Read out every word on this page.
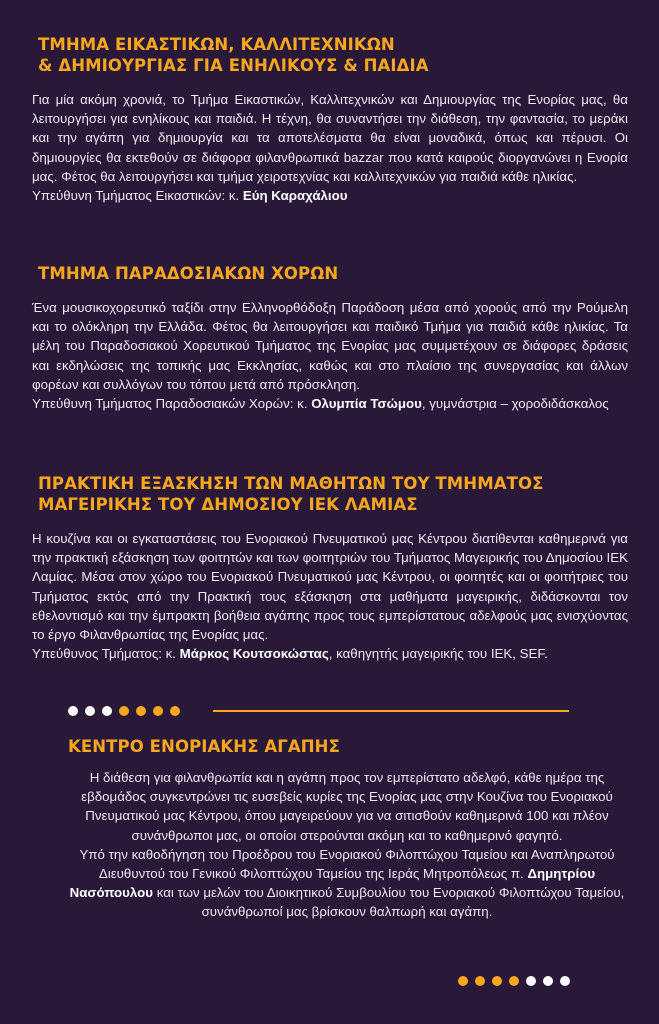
ΤΜΗΜΑ ΕΙΚΑΣΤΙΚΩΝ, ΚΑΛΛΙΤΕΧΝΙΚΩΝ
& ΔΗΜΙΟΥΡΓΙΑΣ ΓΙΑ ΕΝΗΛΙΚΟΥΣ & ΠΑΙΔΙΑ

Για μία ακόμη χρονιά, το Τμήμα Εικαστικών, Καλλιτεχνικών και Δημιουργίας της Ενορίας μας, θα λειτουργήσει για ενηλίκους και παιδιά. Η τέχνη, θα συναντήσει την διάθεση, την φαντασία, το μεράκι και την αγάπη για δημιουργία και τα αποτελέσματα θα είναι μοναδικά, όπως και πέρυσι. Οι δημιουργίες θα εκτεθούν σε διάφορα φιλανθρωπικά bazzar που κατά καιρούς διοργανώνει η Ενορία μας. Φέτος θα λειτουργήσει και τμήμα χειροτεχνίας και καλλιτεχνικών για παιδιά κάθε ηλικίας.

Υπεύθυνη Τμήματος Εικαστικών: κ. Εύη Καραχάλιου

ΤΜΗΜΑ ΠΑΡΑΔΟΣΙΑΚΩΝ ΧΟΡΩΝ

Ένα μουσικοχορευτικό ταξίδι στην Ελληνορθόδοξη Παράδοση μέσα από χορούς από την Ρούμελη και το ολόκληρη την Ελλάδα. Φέτος θα λειτουργήσει και παιδικό Τμήμα για παιδιά κάθε ηλικίας. Τα μέλη του Παραδοσιακού Χορευτικού Τμήματος της Ενορίας μας συμμετέχουν σε διάφορες δράσεις και εκδηλώσεις της τοπικής μας Εκκλησίας, καθώς και στο πλαίσιο της συνεργασίας και άλλων φορέων και συλλόγων του τόπου μετά από πρόσκληση.

Υπεύθυνη Τμήματος Παραδοσιακών Χορών: κ. Ολυμπία Τσώμου, γυμνάστρια – χοροδιδάσκαλος

ΠΡΑΚΤΙΚΗ ΕΞΑΣΚΗΣΗ ΤΩΝ ΜΑΘΗΤΩΝ ΤΟΥ ΤΜΗΜΑΤΟΣ
ΜΑΓΕΙΡΙΚΗΣ ΤΟΥ ΔΗΜΟΣΙΟΥ ΙΕΚ ΛΑΜΙΑΣ

Η κουζίνα και οι εγκαταστάσεις του Ενοριακού Πνευματικού μας Κέντρου διατίθενται καθημερινά για την πρακτική εξάσκηση των φοιτητών και των φοιτητριών του Τμήματος Μαγειρικής του Δημοσίου ΙΕΚ Λαμίας. Μέσα στον χώρο του Ενοριακού Πνευματικού μας Κέντρου, οι φοιτητές και οι φοιτήτριες του Τμήματος εκτός από την Πρακτική τους εξάσκηση στα μαθήματα μαγειρικής, διδάσκονται τον εθελοντισμό και την έμπρακτη βοήθεια αγάπης προς τους εμπερίστατους αδελφούς μας ενισχύοντας το έργο Φιλανθρωπίας της Ενορίας μας.

Υπεύθυνος Τμήματος: κ. Μάρκος Κουτσοκώστας, καθηγητής μαγειρικής του ΙΕΚ, SEF.

ΚΕΝΤΡΟ ΕΝΟΡΙΑΚΗΣ ΑΓΑΠΗΣ

Η διάθεση για φιλανθρωπία και η αγάπη προς τον εμπερίστατο αδελφό, κάθε ημέρα της εβδομάδος συγκεντρώνει τις ευσεβείς κυρίες της Ενορίας μας στην Κουζίνα του Ενοριακού Πνευματικού μας Κέντρου, όπου μαγειρεύουν για να σιτισθούν καθημερινά 100 και πλέον συνάνθρωποι μας, οι οποίοι στερούνται ακόμη και το καθημερινό φαγητό.

Υπό την καθοδήγηση του Προέδρου του Ενοριακού Φιλοπτώχου Ταμείου και Αναπληρωτού Διευθυντού του Γενικού Φιλοπτώχου Ταμείου της Ιεράς Μητροπόλεως π. Δημητρίου Νασόπουλου και των μελών του Διοικητικού Συμβουλίου του Ενοριακού Φιλοπτώχου Ταμείου, συνάνθρωποί μας βρίσκουν θαλπωρή και αγάπη.
